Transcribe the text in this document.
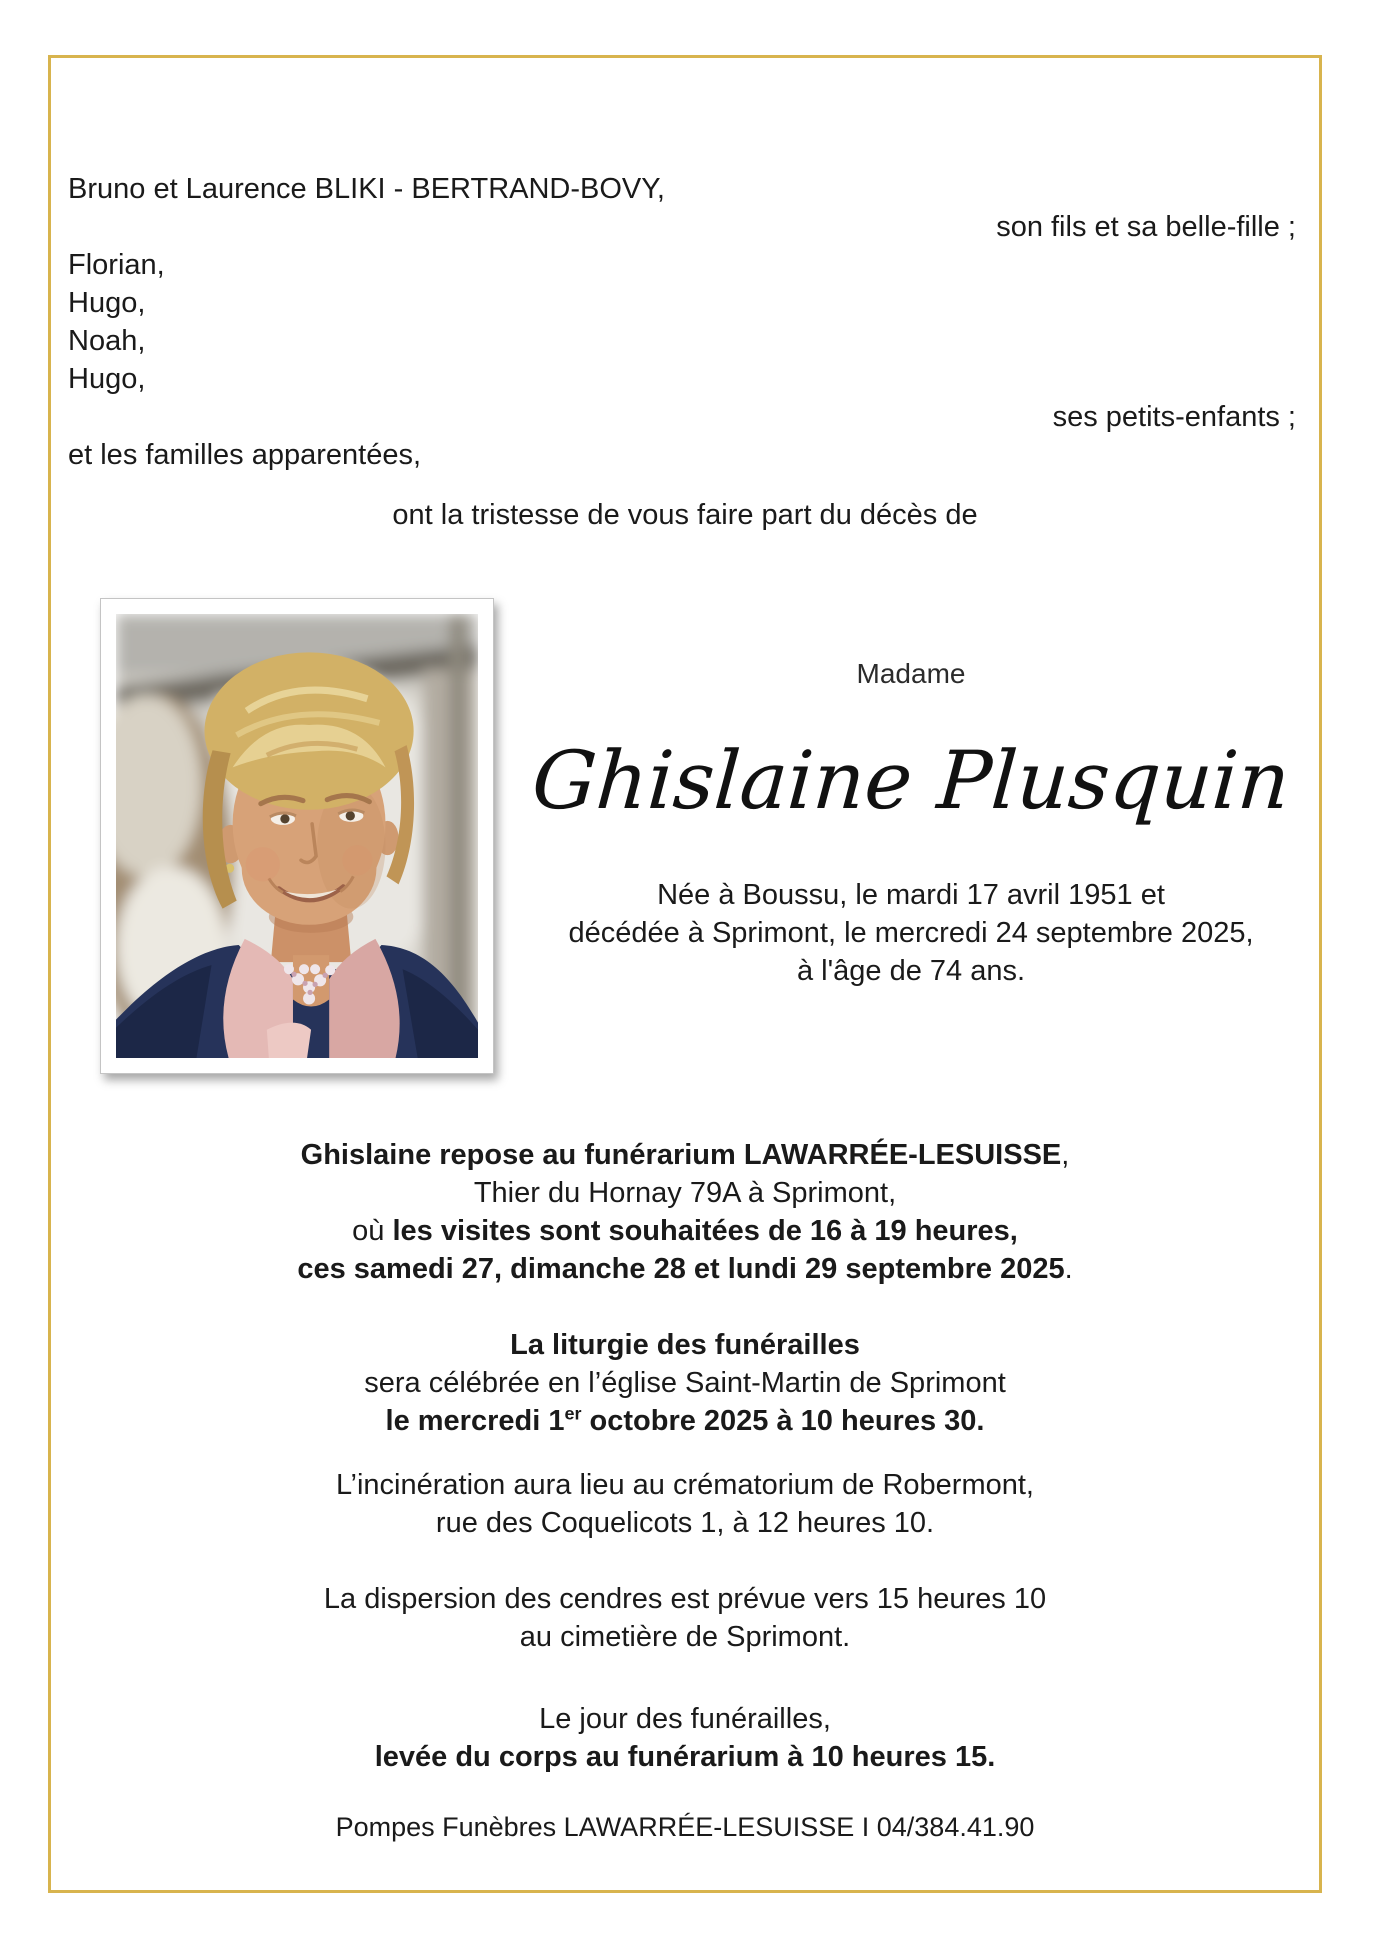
Bruno et Laurence BLIKI - BERTRAND-BOVY,
son fils et sa belle-fille ;
Florian,
Hugo,
Noah,
Hugo,
ses petits-enfants ;
et les familles apparentées,
ont la tristesse de vous faire part du décès de
Madame
Ghislaine Plusquin
Née à Boussu, le mardi 17 avril 1951 et
décédée à Sprimont, le mercredi 24 septembre 2025,
à l'âge de 74 ans.
Ghislaine repose au funérarium LAWARRÉE-LESUISSE,
Thier du Hornay 79A à Sprimont,
où les visites sont souhaitées de 16 à 19 heures,
ces samedi 27, dimanche 28 et lundi 29 septembre 2025.
La liturgie des funérailles
sera célébrée en l’église Saint-Martin de Sprimont
le mercredi 1er octobre 2025 à 10 heures 30.
L’incinération aura lieu au crématorium de Robermont,
rue des Coquelicots 1, à 12 heures 10.
La dispersion des cendres est prévue vers 15 heures 10
au cimetière de Sprimont.
Le jour des funérailles,
levée du corps au funérarium à 10 heures 15.
Pompes Funèbres LAWARRÉE-LESUISSE I 04/384.41.90
